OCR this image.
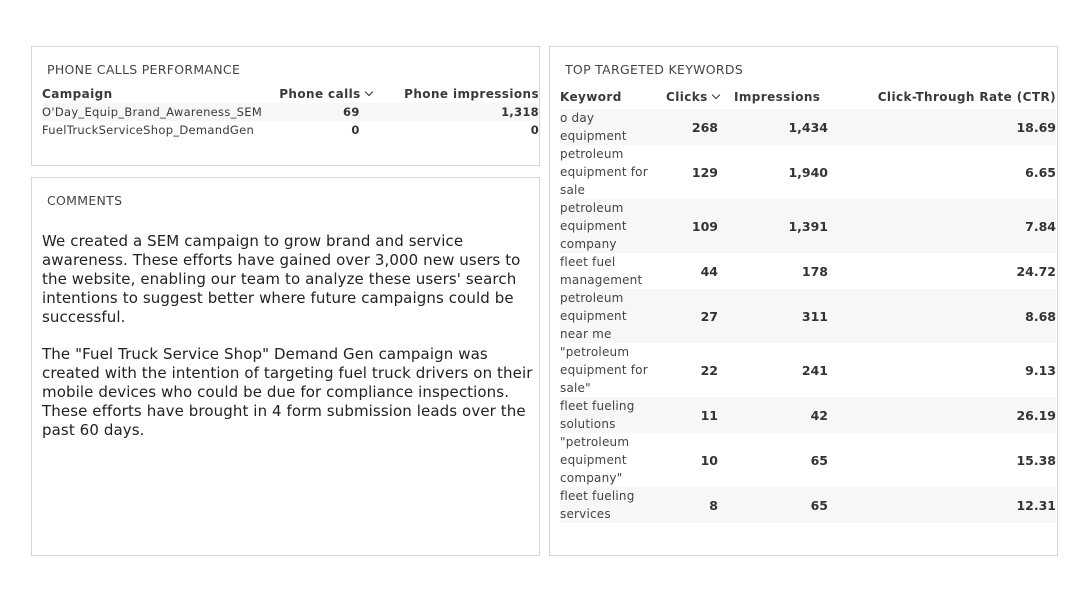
PHONE CALLS PERFORMANCE
Campaign	Phone calls	Phone impressions
O'Day_Equip_Brand_Awareness_SEM	69	1,318
FuelTruckServiceShop_DemandGen	0	0
COMMENTS

We created a SEM campaign to grow brand and service awareness. These efforts have gained over 3,000 new users to the website, enabling our team to analyze these users' search intentions to suggest better where future campaigns could be successful.

The "Fuel Truck Service Shop" Demand Gen campaign was created with the intention of targeting fuel truck drivers on their mobile devices who could be due for compliance inspections. These efforts have brought in 4 form submission leads over the past 60 days.

TOP TARGETED KEYWORDS
Keyword	Clicks	Impressions	Click-Through Rate (CTR)
o day equipment	268	1,434	18.69
petroleum equipment for sale	129	1,940	6.65
petroleum equipment company	109	1,391	7.84
fleet fuel management	44	178	24.72
petroleum equipment near me	27	311	8.68
"petroleum equipment for sale"	22	241	9.13
fleet fueling solutions	11	42	26.19
"petroleum equipment company"	10	65	15.38
fleet fueling services	8	65	12.31
